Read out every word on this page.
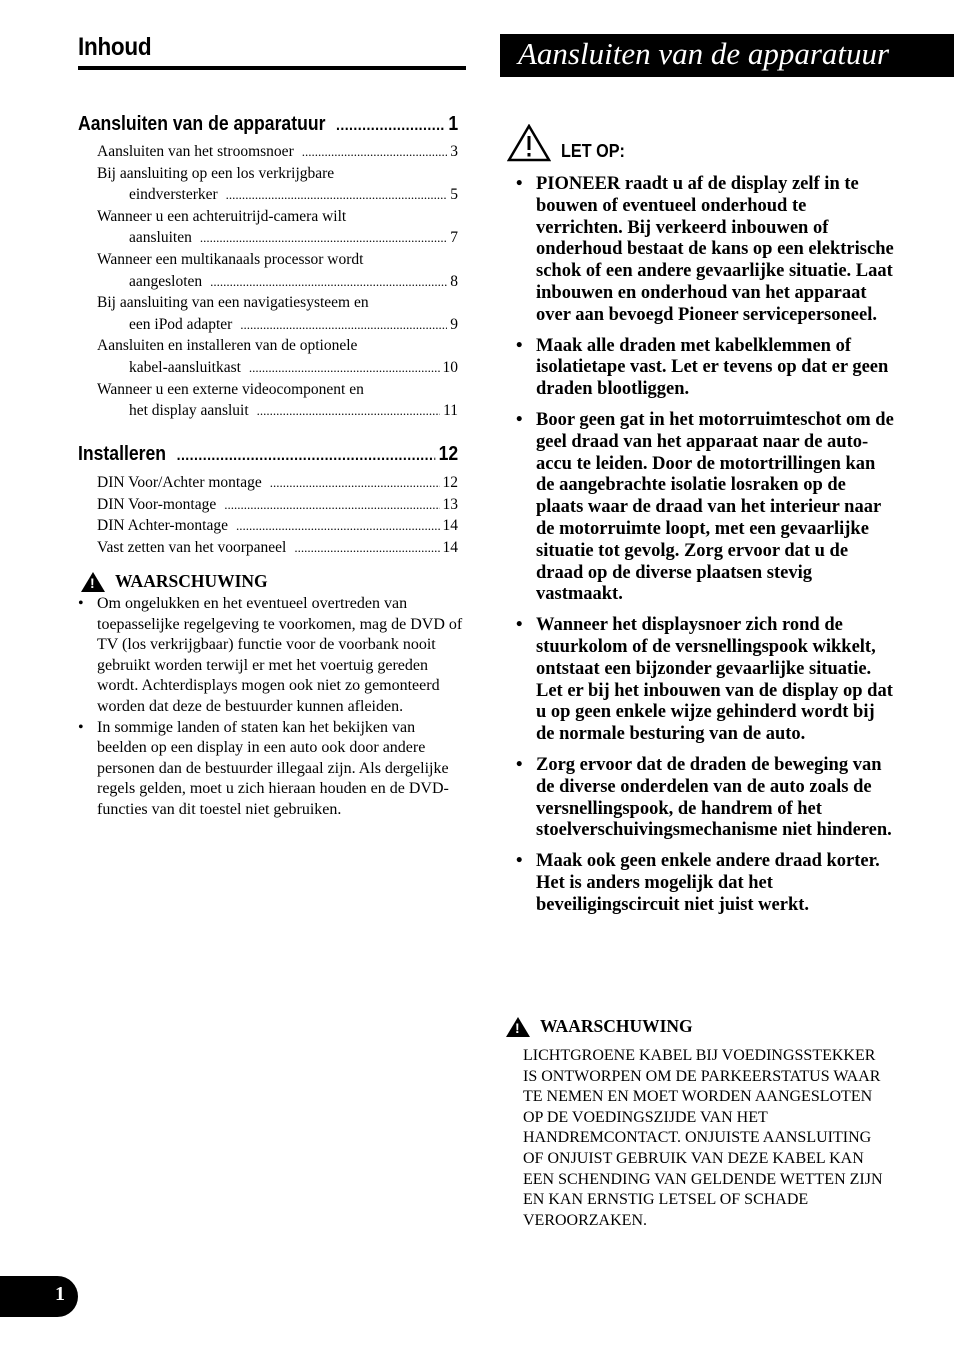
Inhoud
Aansluiten van de apparatuur .....	1
Aansluiten van het stroomsnoer .....	3
Bij aansluiting op een los verkrijgbare
eindversterker .....	5
Wanneer u een achteruitrijd-camera wilt
aansluiten .....	7
Wanneer een multikanaals processor wordt
aangesloten .....	8
Bij aansluiting van een navigatiesysteem en
een iPod adapter .....	9
Aansluiten en installeren van de optionele
kabel-aansluitkast .....	10
Wanneer u een externe videocomponent en
het display aansluit .....	11
Installeren .....	12
DIN Voor/Achter montage .....	12
DIN Voor-montage .....	13
DIN Achter-montage .....	14
Vast zetten van het voorpaneel .....	14
!
WAARSCHUWING
• Om ongelukken en het eventueel overtreden van toepasselijke regelgeving te voorkomen, mag de DVD of TV (los verkrijgbaar) functie voor de voorbank nooit gebruikt worden terwijl er met het voertuig gereden wordt. Achterdisplays mogen ook niet zo gemonteerd worden dat deze de bestuurder kunnen afleiden.
• In sommige landen of staten kan het bekijken van beelden op een display in een auto ook door andere personen dan de bestuurder illegaal zijn. Als dergelijke regels gelden, moet u zich hieraan houden en de DVD-functies van dit toestel niet gebruiken.
Aansluiten van de apparatuur
LET OP:
• PIONEER raadt u af de display zelf in te bouwen of eventueel onderhoud te verrichten. Bij verkeerd inbouwen of onderhoud bestaat de kans op een elektrische schok of een andere gevaarlijke situatie. Laat inbouwen en onderhoud van het apparaat over aan bevoegd Pioneer servicepersoneel.
• Maak alle draden met kabelklemmen of isolatietape vast. Let er tevens op dat er geen draden blootliggen.
• Boor geen gat in het motorruimteschot om de geel draad van het apparaat naar de auto-accu te leiden. Door de motortrillingen kan de aangebrachte isolatie losraken op de plaats waar de draad van het interieur naar de motorruimte loopt, met een gevaarlijke situatie tot gevolg. Zorg ervoor dat u de draad op de diverse plaatsen stevig vastmaakt.
• Wanneer het displaysnoer zich rond de stuurkolom of de versnellingspook wikkelt, ontstaat een bijzonder gevaarlijke situatie. Let er bij het inbouwen van de display op dat u op geen enkele wijze gehinderd wordt bij de normale besturing van de auto.
• Zorg ervoor dat de draden de beweging van de diverse onderdelen van de auto zoals de versnellingspook, de handrem of het stoelverschuivingsmechanisme niet hinderen.
• Maak ook geen enkele andere draad korter. Het is anders mogelijk dat het beveiligingscircuit niet juist werkt.
!
WAARSCHUWING

LICHTGROENE KABEL BIJ VOEDINGSSTEKKER IS ONTWORPEN OM DE PARKEERSTATUS WAAR TE NEMEN EN MOET WORDEN AANGESLOTEN OP DE VOEDINGSZIJDE VAN HET HANDREMCONTACT. ONJUISTE AANSLUITING OF ONJUIST GEBRUIK VAN DEZE KABEL KAN EEN SCHENDING VAN GELDENDE WETTEN ZIJN EN KAN ERNSTIG LETSEL OF SCHADE VEROORZAKEN.

1
